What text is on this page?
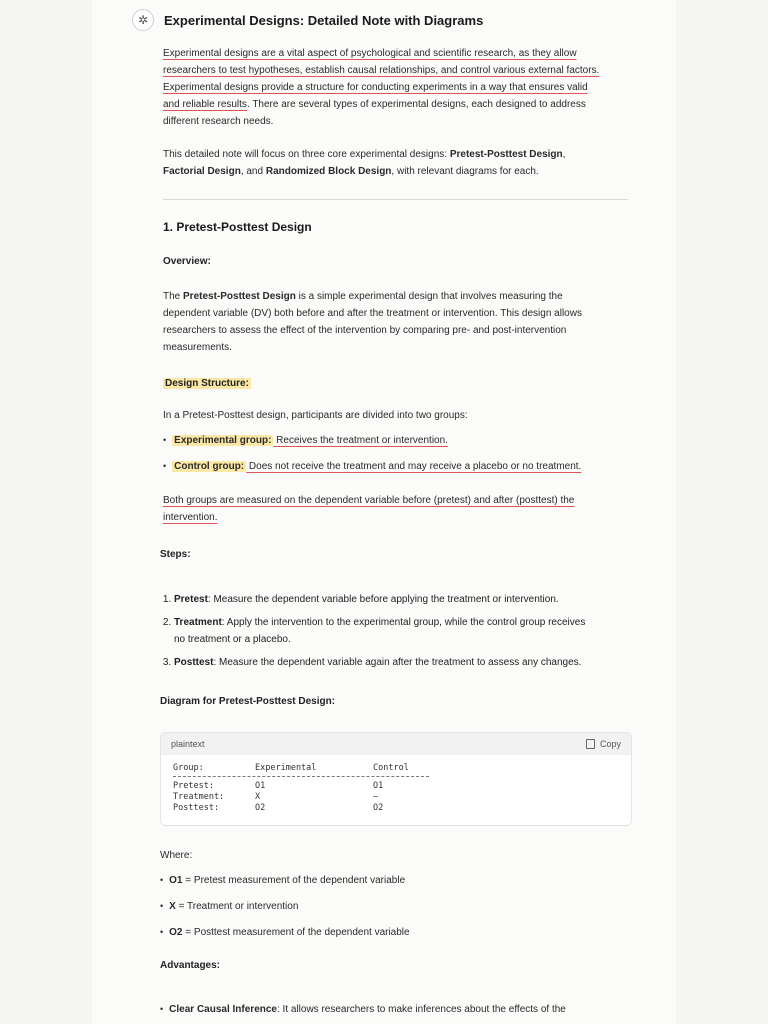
✲	Experimental Designs: Detailed Note with Diagrams

Experimental designs are a vital aspect of psychological and scientific research, as they allow

researchers to test hypotheses, establish causal relationships, and control various external factors.

Experimental designs provide a structure for conducting experiments in a way that ensures valid

and reliable results. There are several types of experimental designs, each designed to address

different research needs.

This detailed note will focus on three core experimental designs: Pretest-Posttest Design,

Factorial Design, and Randomized Block Design, with relevant diagrams for each.

1. Pretest-Posttest Design
Overview:

The Pretest-Posttest Design is a simple experimental design that involves measuring the

dependent variable (DV) both before and after the treatment or intervention. This design allows

researchers to assess the effect of the intervention by comparing pre- and post-intervention

measurements.

Design Structure:

In a Pretest-Posttest design, participants are divided into two groups:

• Experimental group: Receives the treatment or intervention.

• Control group: Does not receive the treatment and may receive a placebo or no treatment.

Both groups are measured on the dependent variable before (pretest) and after (posttest) the

intervention.

Steps:
1. Pretest: Measure the dependent variable before applying the treatment or intervention.
2. Treatment: Apply the intervention to the experimental group, while the control group receives
no treatment or a placebo.
3. Posttest: Measure the dependent variable again after the treatment to assess any changes.
Diagram for Pretest-Posttest Design:
plaintext	Copy
Group:	Experimental	Control
Pretest:	O1	O1
Treatment:	X	–
Posttest:	O2	O2

Where:

• O1 = Pretest measurement of the dependent variable

• X = Treatment or intervention

• O2 = Posttest measurement of the dependent variable

Advantages:

• Clear Causal Inference: It allows researchers to make inferences about the effects of the
